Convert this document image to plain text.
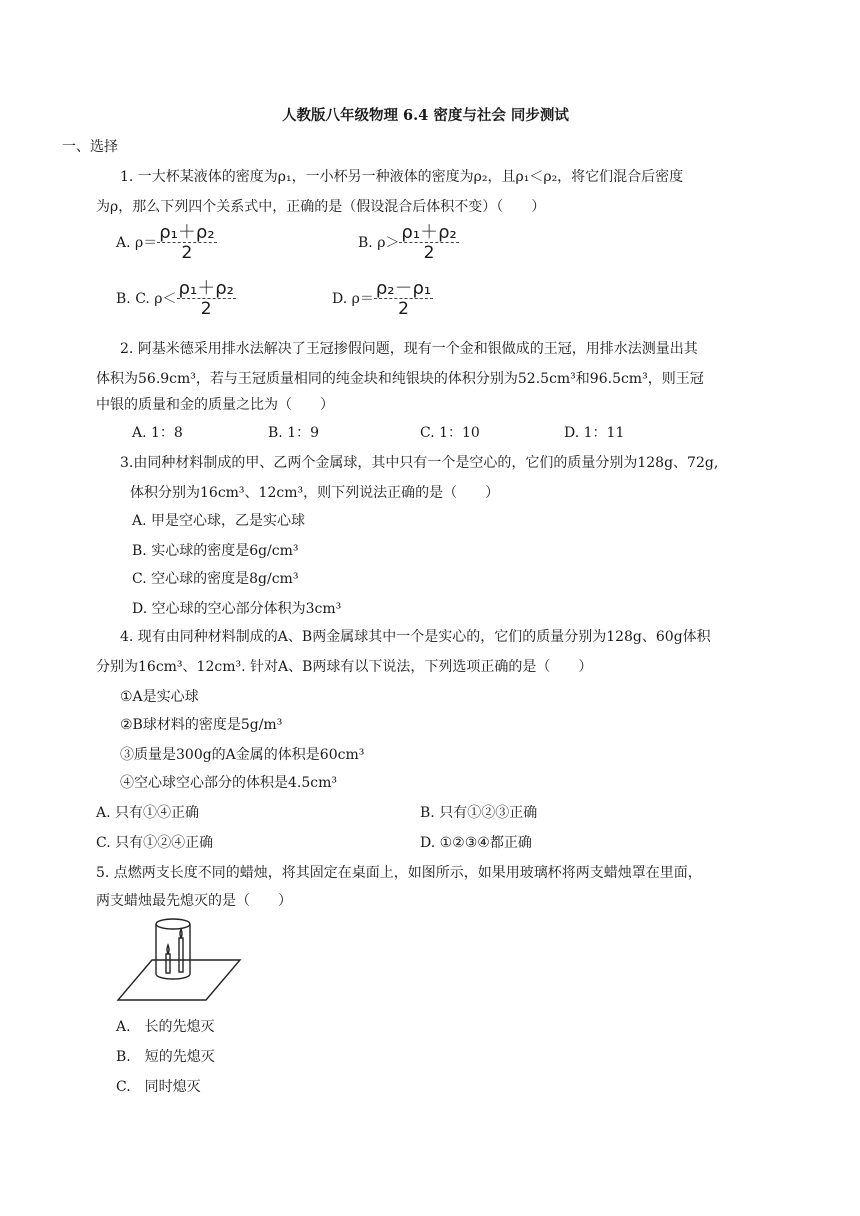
人教版八年级物理 6.4 密度与社会 同步测试
一、选择
1. 一大杯某液体的密度为ρ₁，一小杯另一种液体的密度为ρ₂，且ρ₁＜ρ₂，将它们混合后密度
为ρ，那么下列四个关系式中，正确的是（假设混合后体积不变）（　　）
A. $\rho= \frac{\text{ρ₁＋ρ₂}}{2}$	B. $\rho> \frac{\text{ρ₁＋ρ₂}}{2}$
B. C. $\rho< \frac{\text{ρ₁＋ρ₂}}{2}$	D. $\rho= \frac{\text{ρ₂－ρ₁}}{2}$
2. 阿基米德采用排水法解决了王冠掺假问题，现有一个金和银做成的王冠，用排水法测量出其
体积为56.9cm³，若与王冠质量相同的纯金块和纯银块的体积分别为52.5cm³和96.5cm³，则王冠
中银的质量和金的质量之比为（　　）
A. 1：8	B. 1：9	C. 1：10	D. 1：11
3.由同种材料制成的甲、乙两个金属球，其中只有一个是空心的，它们的质量分别为128g、72g,
体积分别为16cm³、12cm³，则下列说法正确的是（　　）
A. 甲是空心球，乙是实心球
B. 实心球的密度是6g/cm³
C. 空心球的密度是8g/cm³
D. 空心球的空心部分体积为3cm³
4. 现有由同种材料制成的A、B两金属球其中一个是实心的，它们的质量分别为128g、60g体积
分别为16cm³、12cm³. 针对A、B两球有以下说法，下列选项正确的是（　　）
①A是实心球
②B球材料的密度是5g/m³
③质量是300g的A金属的体积是60cm³
④空心球空心部分的体积是4.5cm³
A. 只有①④正确	B. 只有①②③正确
C. 只有①②④正确	D. ①②③④都正确
5. 点燃两支长度不同的蜡烛，将其固定在桌面上，如图所示，如果用玻璃杯将两支蜡烛罩在里面，
两支蜡烛最先熄灭的是（　　）
A.　长的先熄灭
B.　短的先熄灭
C.　同时熄灭
